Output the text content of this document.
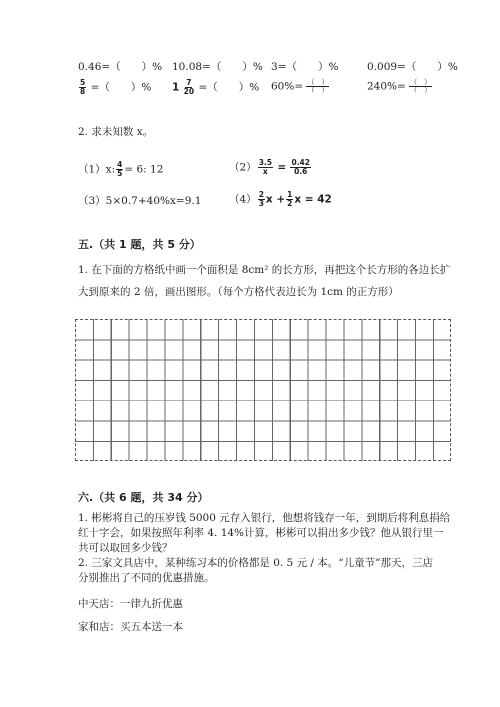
0.46=（　　）% 10.08=（　　）% 3=（　　）%	0.009=（　　）%
$\frac{5}{8}$ =（　　）% $1 \frac{7}{20}$ =（　　）% $60\%= \frac{( )}{( )}$	$240\%= \frac{( )}{( )}$
2. 求未知数 x。
（1）x: $\frac{4}{5} = 6$: 12	$(2) \frac{3.5}{x} = \frac{0.42}{0.6}$
（3）5×0.7+40%x=9.1	$(4) \frac{2}{3}$ $x + \frac{1}{2}$ x = 42
五.（共 1 题，共 5 分）
1. 在下面的方格纸中画一个面积是 8cm² 的长方形，再把这个长方形的各边长扩
大到原来的 2 倍，画出图形。（每个方格代表边长为 1cm 的正方形）
六.（共 6 题，共 34 分）
1. 彬彬将自己的压岁钱 5000 元存入银行，他想将钱存一年，到期后将利息捐给
红十字会，如果按照年利率 4. 14%计算，彬彬可以捐出多少钱？他从银行里一
共可以取回多少钱？
2. 三家文具店中，某种练习本的价格都是 0. 5 元 / 本。“儿童节”那天，三店
分别推出了不同的优惠措施。
中天店：一律九折优惠
家和店：买五本送一本
